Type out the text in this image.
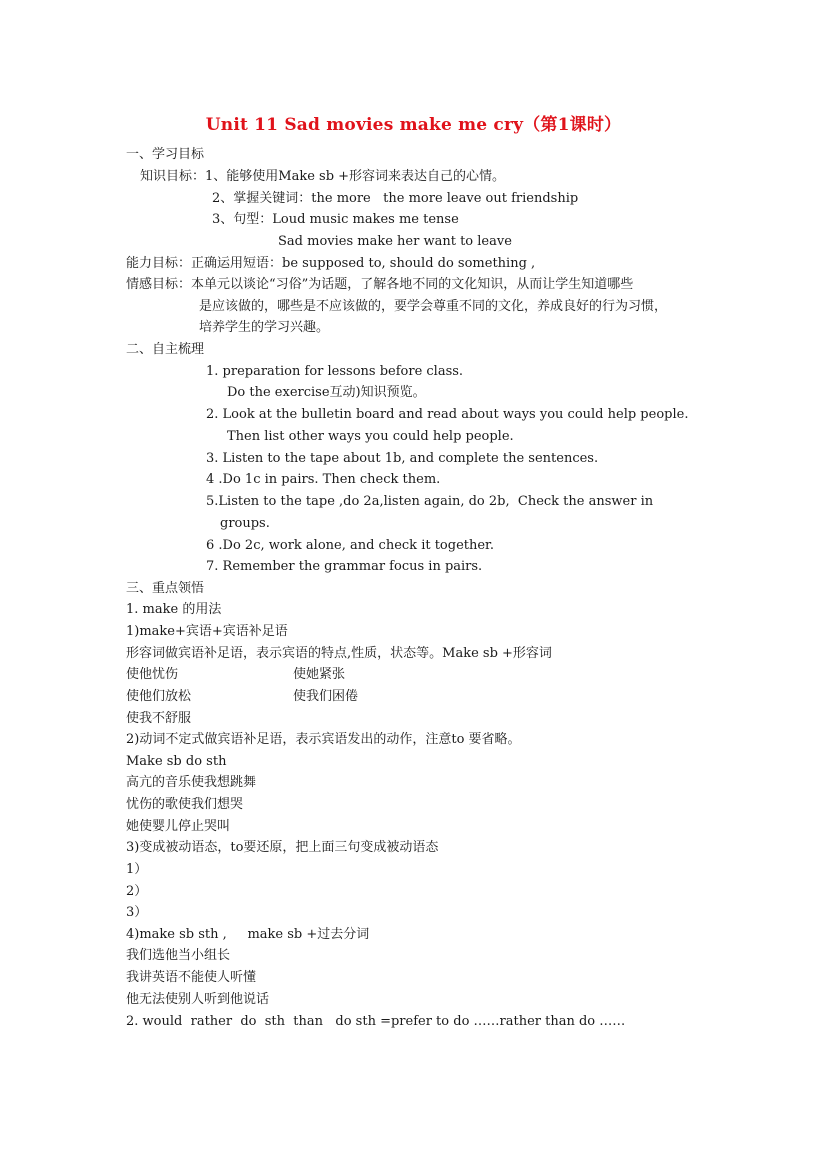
Unit 11 Sad movies make me cry（第1课时）
一、学习目标
知识目标：1、能够使用Make sb +形容词来表达自己的心情。
2、掌握关键词：the more   the more leave out friendship
3、句型：Loud music makes me tense
Sad movies make her want to leave
能力目标：正确运用短语：be supposed to, should do something ,
情感目标：本单元以谈论“习俗”为话题，了解各地不同的文化知识，从而让学生知道哪些
是应该做的，哪些是不应该做的，要学会尊重不同的文化，养成良好的行为习惯，
培养学生的学习兴趣。
二、自主梳理
1. preparation for lessons before class.
Do the exercise互动)知识预览。
2. Look at the bulletin board and read about ways you could help people.
Then list other ways you could help people.
3. Listen to the tape about 1b, and complete the sentences.
4 .Do 1c in pairs. Then check them.
5.Listen to the tape ,do 2a,listen again, do 2b,  Check the answer in
groups.
6 .Do 2c, work alone, and check it together.
7. Remember the grammar focus in pairs.
三、重点领悟
1. make 的用法
1)make+宾语+宾语补足语
形容词做宾语补足语，表示宾语的特点,性质，状态等。Make sb +形容词
使他忧伤	使她紧张
使他们放松	使我们困倦
使我不舒服
2)动词不定式做宾语补足语，表示宾语发出的动作，注意to 要省略。
Make sb do sth
高亢的音乐使我想跳舞
忧伤的歌使我们想哭
她使婴儿停止哭叫
3)变成被动语态，to要还原，把上面三句变成被动语态
1）
2）
3）
4)make sb sth ,     make sb +过去分词
我们选他当小组长
我讲英语不能使人听懂
他无法使别人听到他说话
2. would  rather  do  sth  than   do sth =prefer to do ……rather than do ……
